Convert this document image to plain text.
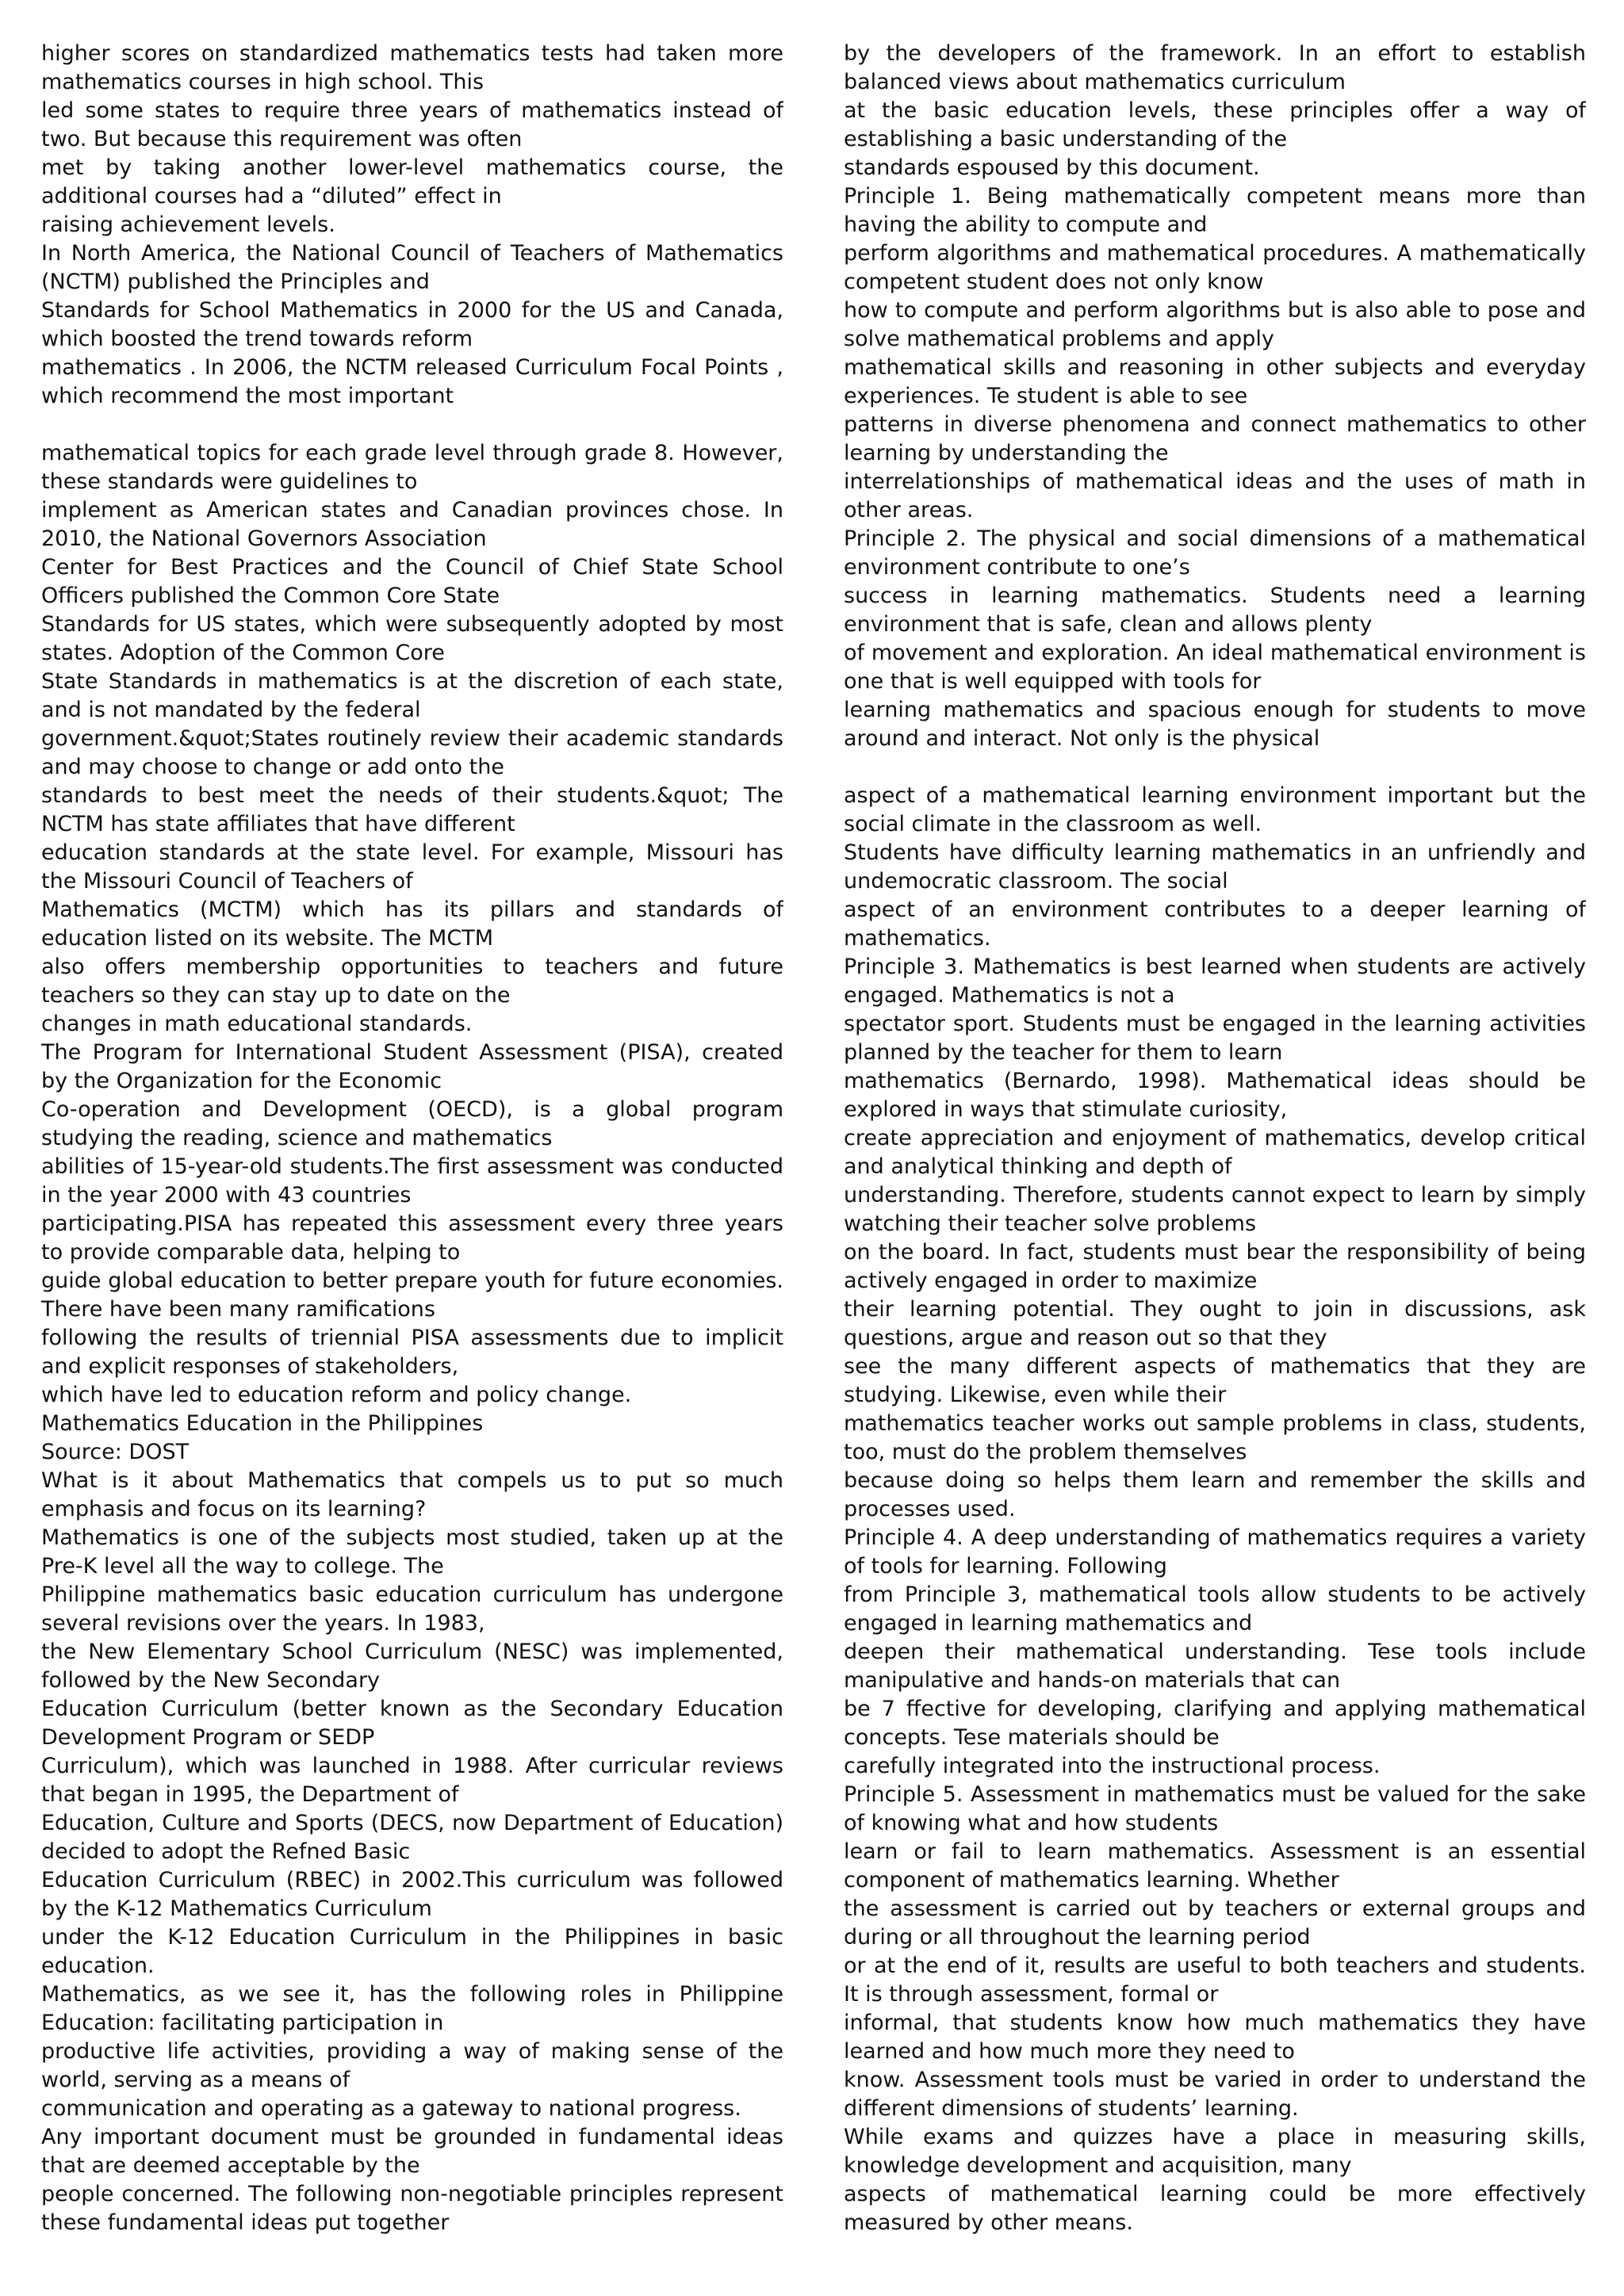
higher scores on standardized mathematics tests had taken more mathematics courses in high school. This

led some states to require three years of mathematics instead of two. But because this requirement was often

met by taking another lower-level mathematics course, the additional courses had a “diluted” effect in

raising achievement levels.

In North America, the National Council of Teachers of Mathematics (NCTM) published the Principles and

Standards for School Mathematics in 2000 for the US and Canada, which boosted the trend towards reform

mathematics . In 2006, the NCTM released Curriculum Focal Points , which recommend the most important

mathematical topics for each grade level through grade 8. However, these standards were guidelines to

implement as American states and Canadian provinces chose. In 2010, the National Governors Association

Center for Best Practices and the Council of Chief State School Officers published the Common Core State

Standards for US states, which were subsequently adopted by most states. Adoption of the Common Core

State Standards in mathematics is at the discretion of each state, and is not mandated by the federal

government.&quot;States routinely review their academic standards and may choose to change or add onto the

standards to best meet the needs of their students.&quot; The NCTM has state affiliates that have different

education standards at the state level. For example, Missouri has the Missouri Council of Teachers of

Mathematics (MCTM) which has its pillars and standards of education listed on its website. The MCTM

also offers membership opportunities to teachers and future teachers so they can stay up to date on the

changes in math educational standards.

The Program for International Student Assessment (PISA), created by the Organization for the Economic

Co-operation and Development (OECD), is a global program studying the reading, science and mathematics

abilities of 15-year-old students.The first assessment was conducted in the year 2000 with 43 countries

participating.PISA has repeated this assessment every three years to provide comparable data, helping to

guide global education to better prepare youth for future economies. There have been many ramifications

following the results of triennial PISA assessments due to implicit and explicit responses of stakeholders,

which have led to education reform and policy change.

Mathematics Education in the Philippines

Source: DOST

What is it about Mathematics that compels us to put so much emphasis and focus on its learning?

Mathematics is one of the subjects most studied, taken up at the Pre-K level all the way to college. The

Philippine mathematics basic education curriculum has undergone several revisions over the years. In 1983,

the New Elementary School Curriculum (NESC) was implemented, followed by the New Secondary

Education Curriculum (better known as the Secondary Education Development Program or SEDP

Curriculum), which was launched in 1988. After curricular reviews that began in 1995, the Department of

Education, Culture and Sports (DECS, now Department of Education) decided to adopt the Refned Basic

Education Curriculum (RBEC) in 2002.This curriculum was followed by the K-12 Mathematics Curriculum

under the K-12 Education Curriculum in the Philippines in basic education.

Mathematics, as we see it, has the following roles in Philippine Education: facilitating participation in

productive life activities, providing a way of making sense of the world, serving as a means of

communication and operating as a gateway to national progress.

Any important document must be grounded in fundamental ideas that are deemed acceptable by the

people concerned. The following non-negotiable principles represent these fundamental ideas put together

by the developers of the framework. In an effort to establish balanced views about mathematics curriculum

at the basic education levels, these principles offer a way of establishing a basic understanding of the

standards espoused by this document.

Principle 1. Being mathematically competent means more than having the ability to compute and

perform algorithms and mathematical procedures. A mathematically competent student does not only know

how to compute and perform algorithms but is also able to pose and solve mathematical problems and apply

mathematical skills and reasoning in other subjects and everyday experiences. Te student is able to see

patterns in diverse phenomena and connect mathematics to other learning by understanding the

interrelationships of mathematical ideas and the uses of math in other areas.

Principle 2. The physical and social dimensions of a mathematical environment contribute to one’s

success in learning mathematics. Students need a learning environment that is safe, clean and allows plenty

of movement and exploration. An ideal mathematical environment is one that is well equipped with tools for

learning mathematics and spacious enough for students to move around and interact. Not only is the physical

aspect of a mathematical learning environment important but the social climate in the classroom as well.

Students have difficulty learning mathematics in an unfriendly and undemocratic classroom. The social

aspect of an environment contributes to a deeper learning of mathematics.

Principle 3. Mathematics is best learned when students are actively engaged. Mathematics is not a

spectator sport. Students must be engaged in the learning activities planned by the teacher for them to learn

mathematics (Bernardo, 1998). Mathematical ideas should be explored in ways that stimulate curiosity,

create appreciation and enjoyment of mathematics, develop critical and analytical thinking and depth of

understanding. Therefore, students cannot expect to learn by simply watching their teacher solve problems

on the board. In fact, students must bear the responsibility of being actively engaged in order to maximize

their learning potential. They ought to join in discussions, ask questions, argue and reason out so that they

see the many different aspects of mathematics that they are studying. Likewise, even while their

mathematics teacher works out sample problems in class, students, too, must do the problem themselves

because doing so helps them learn and remember the skills and processes used.

Principle 4. A deep understanding of mathematics requires a variety of tools for learning. Following

from Principle 3, mathematical tools allow students to be actively engaged in learning mathematics and

deepen their mathematical understanding. Tese tools include manipulative and hands-on materials that can

be 7 ffective for developing, clarifying and applying mathematical concepts. Tese materials should be

carefully integrated into the instructional process.

Principle 5. Assessment in mathematics must be valued for the sake of knowing what and how students

learn or fail to learn mathematics. Assessment is an essential component of mathematics learning. Whether

the assessment is carried out by teachers or external groups and during or all throughout the learning period

or at the end of it, results are useful to both teachers and students. It is through assessment, formal or

informal, that students know how much mathematics they have learned and how much more they need to

know. Assessment tools must be varied in order to understand the different dimensions of students’ learning.

While exams and quizzes have a place in measuring skills, knowledge development and acquisition, many

aspects of mathematical learning could be more effectively measured by other means.
